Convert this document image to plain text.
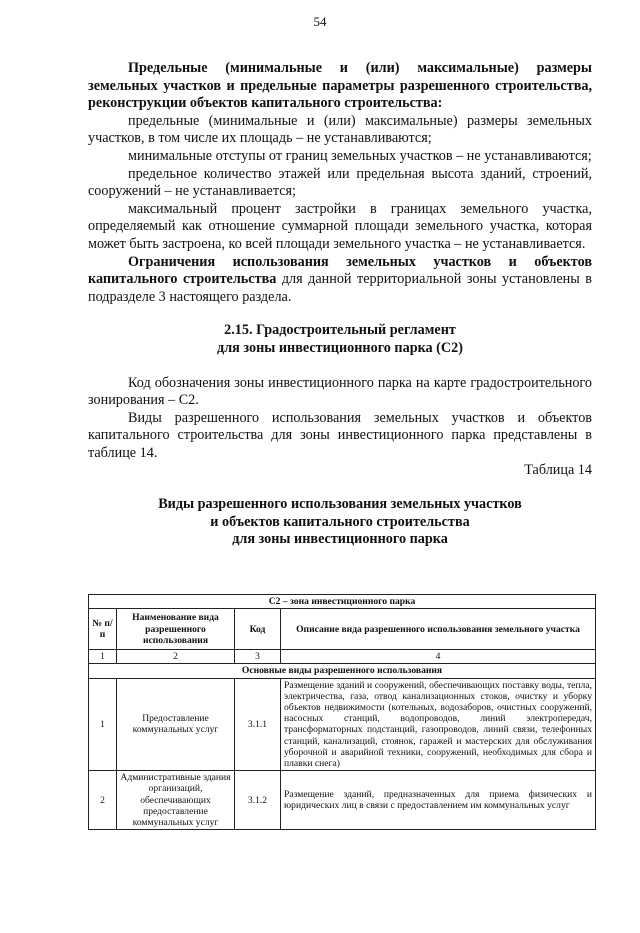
54

Предельные (минимальные и (или) максимальные) размеры земельных участков и предельные параметры разрешенного строительства, реконструкции объектов капитального строительства:

предельные (минимальные и (или) максимальные) размеры земельных участков, в том числе их площадь – не устанавливаются;

минимальные отступы от границ земельных участков – не устанавливаются;

предельное количество этажей или предельная высота зданий, строений, сооружений – не устанавливается;

максимальный процент застройки в границах земельного участка, определяемый как отношение суммарной площади земельного участка, которая может быть застроена, ко всей площади земельного участка – не устанавливается.

Ограничения использования земельных участков и объектов капитального строительства для данной территориальной зоны установлены в подразделе 3 настоящего раздела.

2.15. Градостроительный регламент
для зоны инвестиционного парка (С2)

Код обозначения зоны инвестиционного парка на карте градостроительного зонирования – С2.

Виды разрешенного использования земельных участков и объектов капитального строительства для зоны инвестиционного парка представлены в таблице 14.

Таблица 14

Виды разрешенного использования земельных участков
и объектов капитального строительства
для зоны инвестиционного парка

С2 – зона инвестиционного парка			
№ п/п	Наименование вида разрешенного использования	Код	Описание вида разрешенного использования земельного участка
1	2	3	4
Основные виды разрешенного использования			
1	Предоставление коммунальных услуг	3.1.1	Размещение зданий и сооружений, обеспечивающих поставку воды, тепла, электричества, газа, отвод канализационных стоков, очистку и уборку объектов недвижимости (котельных, водозаборов, очистных сооружений, насосных станций, водопроводов, линий электропередач, трансформаторных подстанций, газопроводов, линий связи, телефонных станций, канализаций, стоянок, гаражей и мастерских для обслуживания уборочной и аварийной техники, сооружений, необходимых для сбора и плавки снега)
2	Административные здания организаций, обеспечивающих предоставление коммунальных услуг	3.1.2	Размещение зданий, предназначенных для приема физических и юридических лиц в связи с предоставлением им коммунальных услуг
